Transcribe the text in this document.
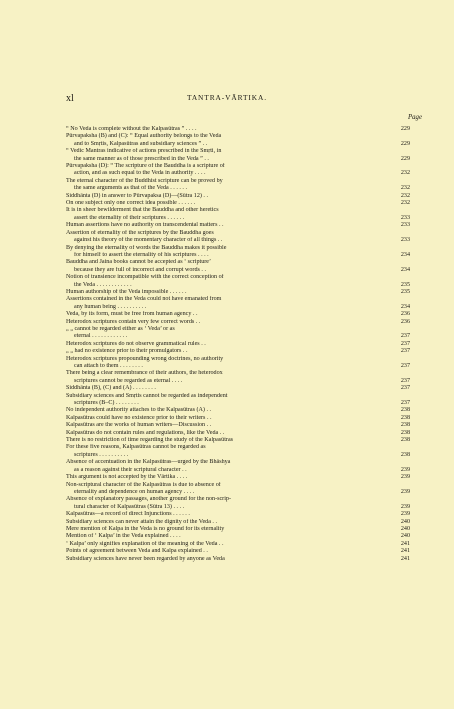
xl	TANTRA-VĀRTIKA.
Page
“ No Veda is complete without the Kalpasūtras ” . . . .	229
Pūrvapaksha (B) and (C): “ Equal authority belongs to the Veda
and to Smṛtis, Kalpasūtras and subsidiary sciences ” . .	229
“ Vedic Mantras indicative of actions prescribed in the Smṛti, in
the same manner as of those prescribed in the Veda ” . .	229
Pūrvapaksha (D): “ The scripture of the Bauddha is a scripture of
action, and as such equal to the Veda in authority . . . .	232
The eternal character of the Buddhist scripture can be proved by
the same arguments as that of the Veda . . . . . .	232
Siddhānta (D) in answer to Pūrvapaksa (D)—(Sūtra 12) . .	232
On one subject only one correct idea possible . . . . . .	232
It is in sheer bewilderment that the Bauddha and other heretics
assert the eternality of their scriptures . . . . . .	233
Human assertions have no authority on transcendental matters . .	233
Assertion of eternality of the scriptures by the Bauddha goes
against his theory of the momentary character of all things . .	233
By denying the eternality of words the Bauddha makes it possible
for himself to assert the eternality of his scriptures . . . .	234
Bauddha and Jaina books cannot be accepted as ‘ scripture’
because they are full of incorrect and corrupt words . .	234
Notion of transience incompatible with the correct conception of
the Veda . . . . . . . . . . . .	235
Human authorship of the Veda impossible . . . . . .	235
Assertions contained in the Veda could not have emanated from
any human being . . . . . . . . . .	234
Veda, by its form, must be free from human agency . .	236
Heterodox scriptures contain very few correct words . .	236
„ „ cannot be regarded either as ‘ Veda’ or as
eternal . . . . . . . . . . . .	237
Heterodox scriptures do not observe grammatical rules . .	237
„ „ had no existence prior to their promulgators . .	237
Heterodox scriptures propounding wrong doctrines, no authority
can attach to them . . . . . . . .	237
There being a clear remembrance of their authors, the heterodox
scriptures cannot be regarded as eternal . . . .	237
Siddhānta (B), (C) and (A) . . . . . . . .	237
Subsidiary sciences and Smṛtis cannot be regarded as independent
scriptures (B–C) . . . . . . . .	237
No independent authority attaches to the Kalpasūtras (A) . .	238
Kalpasūtras could have no existence prior to their writers . .	238
Kalpasūtras are the works of human writers—Discussion . .	238
Kalpasūtras do not contain rules and regulations, like the Veda . .	238
There is no restriction of time regarding the study of the Kalpasūtras	238
For these five reasons, Kalpasūtras cannot be regarded as
scriptures . . . . . . . . . .	238
Absence of accentuation in the Kalpasūtras—urged by the Bhāshya
as a reason against their scriptural character . .	239
This argument is not accepted by the Vārtika . . . .	239
Non-scriptural character of the Kalpasūtras is due to absence of
eternality and dependence on human agency . . . .	239
Absence of explanatory passages, another ground for the non-scrip-
tural character of Kalpasūtras (Sūtra 13) . . . .	239
Kalpasūtras—a record of direct Injunctions . . . . . .	239
Subsidiary sciences can never attain the dignity of the Veda . .	240
Mere mention of Kalpa in the Veda is no ground for its eternality	240
Mention of ‘ Kalpa’ in the Veda explained . . . .	240
‘ Kalpa’ only signifies explanation of the meaning of the Veda . .	241
Points of agreement between Veda and Kalpa explained . .	241
Subsidiary sciences have never been regarded by anyone as Veda	241
